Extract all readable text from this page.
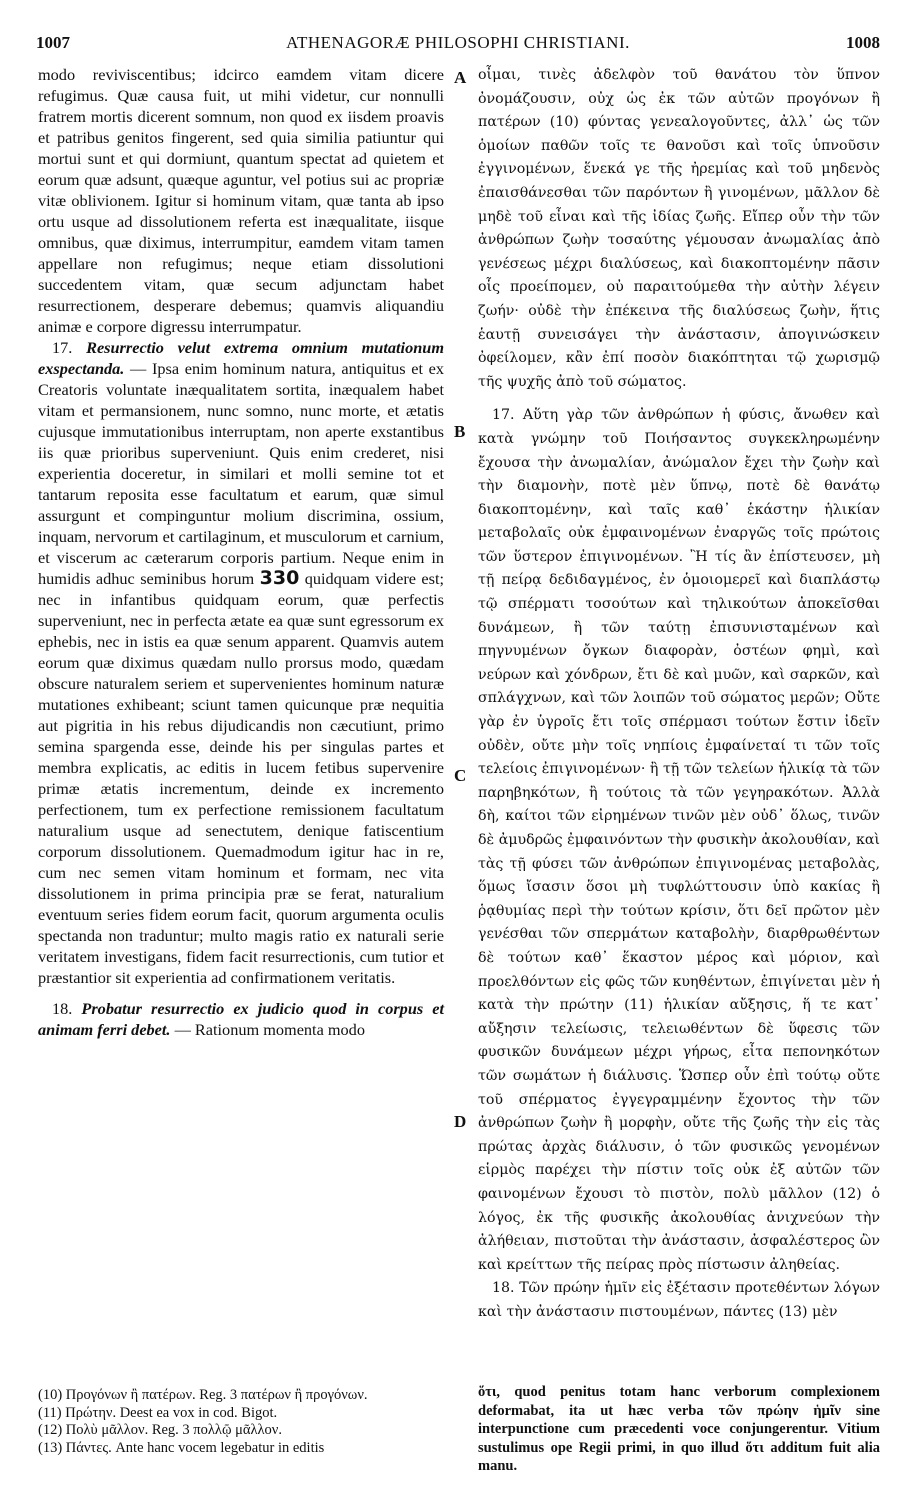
1007	ATHENAGORÆ PHILOSOPHI CHRISTIANI.	1008

modo reviviscentibus; idcirco eamdem vitam dicere refugimus. Quæ causa fuit, ut mihi videtur, cur nonnulli fratrem mortis dicerent somnum, non quod ex iisdem proavis et patribus genitos fingerent, sed quia similia patiuntur qui mortui sunt et qui dormiunt, quantum spectat ad quietem et eorum quæ adsunt, quæque aguntur, vel potius sui ac propriæ vitæ oblivionem. Igitur si hominum vitam, quæ tanta ab ipso ortu usque ad dissolutionem referta est inæqualitate, iisque omnibus, quæ diximus, interrumpitur, eamdem vitam tamen appellare non refugimus; neque etiam dissolutioni succedentem vitam, quæ secum adjunctam habet resurrectionem, desperare debemus; quamvis aliquandiu animæ e corpore digressu interrumpatur.

17. Resurrectio velut extrema omnium mutationum exspectanda. — Ipsa enim hominum natura, antiquitus et ex Creatoris voluntate inæqualitatem sortita, inæqualem habet vitam et permansionem, nunc somno, nunc morte, et ætatis cujusque immutationibus interruptam, non aperte exstantibus iis quæ prioribus superveniunt. Quis enim crederet, nisi experientia doceretur, in similari et molli semine tot et tantarum reposita esse facultatum et earum, quæ simul assurgunt et compinguntur molium discrimina, ossium, inquam, nervorum et cartilaginum, et musculorum et carnium, et viscerum ac cæterarum corporis partium. Neque enim in humidis adhuc seminibus horum 330 quidquam videre est; nec in infantibus quidquam eorum, quæ perfectis superveniunt, nec in perfecta ætate ea quæ sunt egressorum ex ephebis, nec in istis ea quæ senum apparent. Quamvis autem eorum quæ diximus quædam nullo prorsus modo, quædam obscure naturalem seriem et supervenientes hominum naturæ mutationes exhibeant; sciunt tamen quicunque præ nequitia aut pigritia in his rebus dijudicandis non cæcutiunt, primo semina spargenda esse, deinde his per singulas partes et membra explicatis, ac editis in lucem fetibus supervenire primæ ætatis incrementum, deinde ex incremento perfectionem, tum ex perfectione remissionem facultatum naturalium usque ad senectutem, denique fatiscentium corporum dissolutionem. Quemadmodum igitur hac in re, cum nec semen vitam hominum et formam, nec vita dissolutionem in prima principia præ se ferat, naturalium eventuum series fidem eorum facit, quorum argumenta oculis spectanda non traduntur; multo magis ratio ex naturali serie veritatem investigans, fidem facit resurrectionis, cum tutior et præstantior sit experientia ad confirmationem veritatis.

18. Probatur resurrectio ex judicio quod in corpus et animam ferri debet. — Rationum momenta modo

A
B
C
D

οἶμαι, τινὲς ἀδελφὸν τοῦ θανάτου τὸν ὕπνον ὀνομάζουσιν, οὐχ ὡς ἐκ τῶν αὐτῶν προγόνων ἢ πατέρων (10) φύντας γενεαλογοῦντες, ἀλλ᾽ ὡς τῶν ὁμοίων παθῶν τοῖς τε θανοῦσι καὶ τοῖς ὑπνοῦσιν ἐγγινομένων, ἕνεκά γε τῆς ἠρεμίας καὶ τοῦ μηδενὸς ἐπαισθάνεσθαι τῶν παρόντων ἢ γινομένων, μᾶλλον δὲ μηδὲ τοῦ εἶναι καὶ τῆς ἰδίας ζωῆς. Εἴπερ οὖν τὴν τῶν ἀνθρώπων ζωὴν τοσαύτης γέμουσαν ἀνωμαλίας ἀπὸ γενέσεως μέχρι διαλύσεως, καὶ διακοπτομένην πᾶσιν οἷς προείπομεν, οὐ παραιτούμεθα τὴν αὐτὴν λέγειν ζωήν· οὐδὲ τὴν ἐπέκεινα τῆς διαλύσεως ζωὴν, ἥτις ἑαυτῇ συνεισάγει τὴν ἀνάστασιν, ἀπογινώσκειν ὀφείλομεν, κἂν ἐπί ποσὸν διακόπτηται τῷ χωρισμῷ τῆς ψυχῆς ἀπὸ τοῦ σώματος.

17. Αὕτη γὰρ τῶν ἀνθρώπων ἡ φύσις, ἄνωθεν καὶ κατὰ γνώμην τοῦ Ποιήσαντος συγκεκληρωμένην ἔχουσα τὴν ἀνωμαλίαν, ἀνώμαλον ἔχει τὴν ζωὴν καὶ τὴν διαμονὴν, ποτὲ μὲν ὕπνῳ, ποτὲ δὲ θανάτῳ διακοπτομένην, καὶ ταῖς καθ᾽ ἑκάστην ἡλικίαν μεταβολαῖς οὐκ ἐμφαινομένων ἐναργῶς τοῖς πρώτοις τῶν ὕστερον ἐπιγινομένων. Ἢ τίς ἂν ἐπίστευσεν, μὴ τῇ πείρᾳ δεδιδαγμένος, ἐν ὁμοιομερεῖ καὶ διαπλάστῳ τῷ σπέρματι τοσούτων καὶ τηλικούτων ἀποκεῖσθαι δυνάμεων, ἢ τῶν ταύτῃ ἐπισυνισταμένων καὶ πηγνυμένων ὄγκων διαφορὰν, ὀστέων φημὶ, καὶ νεύρων καὶ χόνδρων, ἔτι δὲ καὶ μυῶν, καὶ σαρκῶν, καὶ σπλάγχνων, καὶ τῶν λοιπῶν τοῦ σώματος μερῶν; Οὔτε γὰρ ἐν ὑγροῖς ἔτι τοῖς σπέρμασι τούτων ἔστιν ἰδεῖν οὐδὲν, οὔτε μὴν τοῖς νηπίοις ἐμφαίνεταί τι τῶν τοῖς τελείοις ἐπιγινομένων· ἢ τῇ τῶν τελείων ἡλικίᾳ τὰ τῶν παρηβηκότων, ἢ τούτοις τὰ τῶν γεγηρακότων. Ἀλλὰ δὴ, καίτοι τῶν εἰρημένων τινῶν μὲν οὐδ᾽ ὅλως, τινῶν δὲ ἀμυδρῶς ἐμφαινόντων τὴν φυσικὴν ἀκολουθίαν, καὶ τὰς τῇ φύσει τῶν ἀνθρώπων ἐπιγινομένας μεταβολὰς, ὅμως ἴσασιν ὅσοι μὴ τυφλώττουσιν ὑπὸ κακίας ἢ ῥᾳθυμίας περὶ τὴν τούτων κρίσιν, ὅτι δεῖ πρῶτον μὲν γενέσθαι τῶν σπερμάτων καταβολὴν, διαρθρωθέντων δὲ τούτων καθ᾽ ἕκαστον μέρος καὶ μόριον, καὶ προελθόντων εἰς φῶς τῶν κυηθέντων, ἐπιγίνεται μὲν ἡ κατὰ τὴν πρώτην (11) ἡλικίαν αὔξησις, ἥ τε κατ᾽ αὔξησιν τελείωσις, τελειωθέντων δὲ ὕφεσις τῶν φυσικῶν δυνάμεων μέχρι γήρως, εἶτα πεπονηκότων τῶν σωμάτων ἡ διάλυσις. Ὥσπερ οὖν ἐπὶ τούτῳ οὔτε τοῦ σπέρματος ἐγγεγραμμένην ἔχοντος τὴν τῶν ἀνθρώπων ζωὴν ἢ μορφὴν, οὔτε τῆς ζωῆς τὴν εἰς τὰς πρώτας ἀρχὰς διάλυσιν, ὁ τῶν φυσικῶς γενομένων εἱρμὸς παρέχει τὴν πίστιν τοῖς οὐκ ἐξ αὐτῶν τῶν φαινομένων ἔχουσι τὸ πιστὸν, πολὺ μᾶλλον (12) ὁ λόγος, ἐκ τῆς φυσικῆς ἀκολουθίας ἀνιχνεύων τὴν ἀλήθειαν, πιστοῦται τὴν ἀνάστασιν, ἀσφαλέστερος ὢν καὶ κρείττων τῆς πείρας πρὸς πίστωσιν ἀληθείας.

18. Τῶν πρώην ἡμῖν εἰς ἐξέτασιν προτεθέντων λόγων καὶ τὴν ἀνάστασιν πιστουμένων, πάντες (13) μὲν

(10) Προγόνων ἢ πατέρων. Reg. 3 πατέρων ἢ προγόνων.

(11) Πρώτην. Deest ea vox in cod. Bigot.

(12) Πολὺ μᾶλλον. Reg. 3 πολλῷ μᾶλλον.

(13) Πάντες. Ante hanc vocem legebatur in editis

ὅτι, quod penitus totam hanc verborum complexionem deformabat, ita ut hæc verba τῶν πρώην ἡμῖν sine interpunctione cum præcedenti voce conjungerentur. Vitium sustulimus ope Regii primi, in quo illud ὅτι additum fuit alia manu.
